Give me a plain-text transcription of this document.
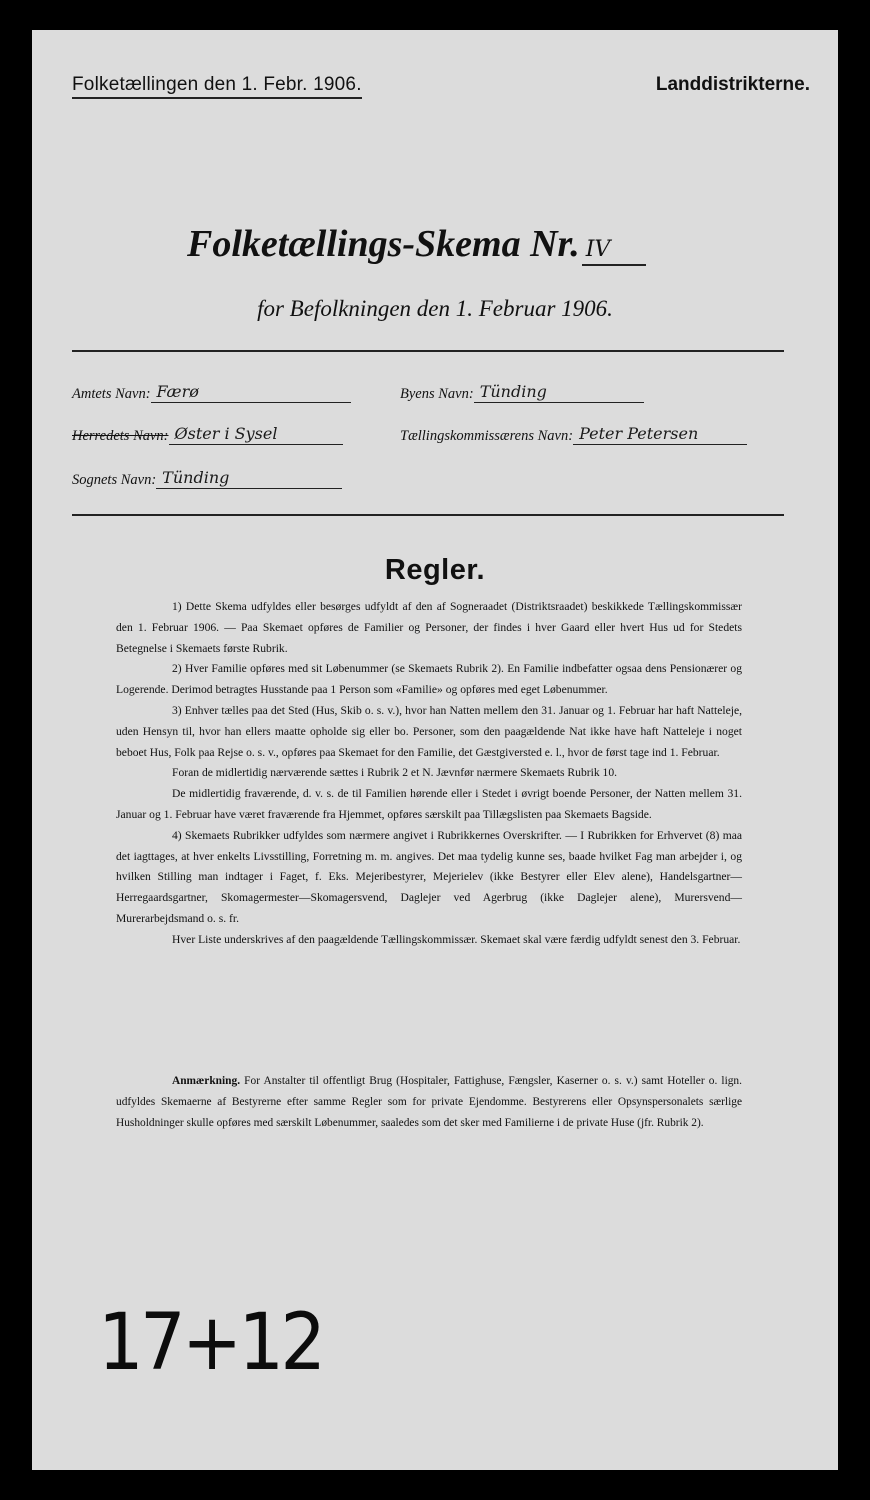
Folketællingen den 1. Febr. 1906.	Landdistrikterne.
Folketællings-Skema Nr. IV
for Befolkningen den 1. Februar 1906.
Amtets Navn: Færø	Byens Navn: Tünding
Herredets Navn: Øster i Sysel	Tællingskommissærens Navn: Peter Petersen
Sognets Navn: Tünding
Regler.

1) Dette Skema udfyldes eller besørges udfyldt af den af Sogneraadet (Distriktsraadet) beskikkede Tællingskommissær den 1. Februar 1906. — Paa Skemaet opføres de Familier og Personer, der findes i hver Gaard eller hvert Hus ud for Stedets Betegnelse i Skemaets første Rubrik.

2) Hver Familie opføres med sit Løbenummer (se Skemaets Rubrik 2). En Familie indbefatter ogsaa dens Pensionærer og Logerende. Derimod betragtes Husstande paa 1 Person som «Familie» og opføres med eget Løbenummer.

3) Enhver tælles paa det Sted (Hus, Skib o. s. v.), hvor han Natten mellem den 31. Januar og 1. Februar har haft Natteleje, uden Hensyn til, hvor han ellers maatte opholde sig eller bo. Personer, som den paagældende Nat ikke have haft Natteleje i noget beboet Hus, Folk paa Rejse o. s. v., opføres paa Skemaet for den Familie, det Gæstgiversted e. l., hvor de først tage ind 1. Februar.

Foran de midlertidig nærværende sættes i Rubrik 2 et N. Jævnfør nærmere Skemaets Rubrik 10.

De midlertidig fraværende, d. v. s. de til Familien hørende eller i Stedet i øvrigt boende Personer, der Natten mellem 31. Januar og 1. Februar have været fraværende fra Hjemmet, opføres særskilt paa Tillægslisten paa Skemaets Bagside.

4) Skemaets Rubrikker udfyldes som nærmere angivet i Rubrikkernes Overskrifter. — I Rubrikken for Erhvervet (8) maa det iagttages, at hver enkelts Livsstilling, Forretning m. m. angives. Det maa tydelig kunne ses, baade hvilket Fag man arbejder i, og hvilken Stilling man indtager i Faget, f. Eks. Mejeribestyrer, Mejerielev (ikke Bestyrer eller Elev alene), Handelsgartner—Herregaardsgartner, Skomagermester—Skomagersvend, Daglejer ved Agerbrug (ikke Daglejer alene), Murersvend—Murerarbejdsmand o. s. fr.

Hver Liste underskrives af den paagældende Tællingskommissær. Skemaet skal være færdig udfyldt senest den 3. Februar.

Anmærkning. For Anstalter til offentligt Brug (Hospitaler, Fattighuse, Fængsler, Kaserner o. s. v.) samt Hoteller o. lign. udfyldes Skemaerne af Bestyrerne efter samme Regler som for private Ejendomme. Bestyrerens eller Opsynspersonalets særlige Husholdninger skulle opføres med særskilt Løbenummer, saaledes som det sker med Familierne i de private Huse (jfr. Rubrik 2).

17+12
